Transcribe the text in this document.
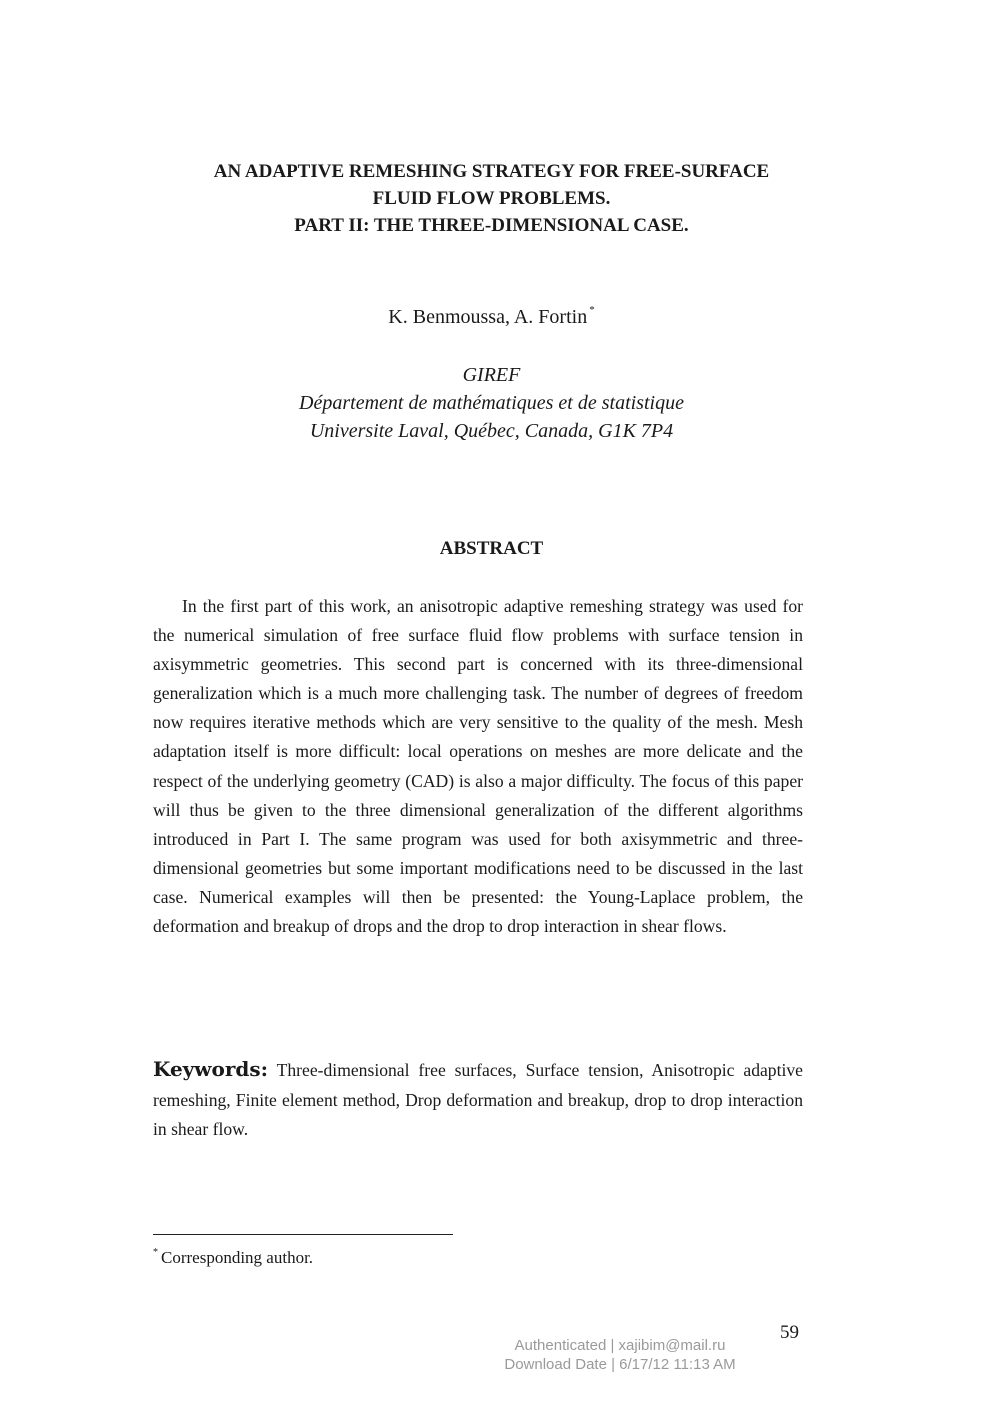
AN ADAPTIVE REMESHING STRATEGY FOR FREE-SURFACE
FLUID FLOW PROBLEMS.
PART II: THE THREE-DIMENSIONAL CASE.

K. Benmoussa, A. Fortin *

GIREF
Département de mathématiques et de statistique
Universite Laval, Québec, Canada, G1K 7P4
ABSTRACT

In the first part of this work, an anisotropic adaptive remeshing strategy was used for the numerical simulation of free surface fluid flow problems with surface tension in axisymmetric geometries. This second part is concerned with its three-dimensional generalization which is a much more challenging task. The number of degrees of freedom now requires iterative methods which are very sensitive to the quality of the mesh. Mesh adaptation itself is more difficult: local operations on meshes are more delicate and the respect of the underlying geometry (CAD) is also a major difficulty. The focus of this paper will thus be given to the three dimensional generalization of the different algorithms introduced in Part I. The same program was used for both axisymmetric and three-dimensional geometries but some important modifications need to be discussed in the last case. Numerical examples will then be presented: the Young-Laplace problem, the deformation and breakup of drops and the drop to drop interaction in shear flows.

Keywords: Three-dimensional free surfaces, Surface tension, Anisotropic adaptive remeshing, Finite element method, Drop deformation and breakup, drop to drop interaction in shear flow.

* Corresponding author.

59
Authenticated | xajibim@mail.ru
Download Date | 6/17/12 11:13 AM
